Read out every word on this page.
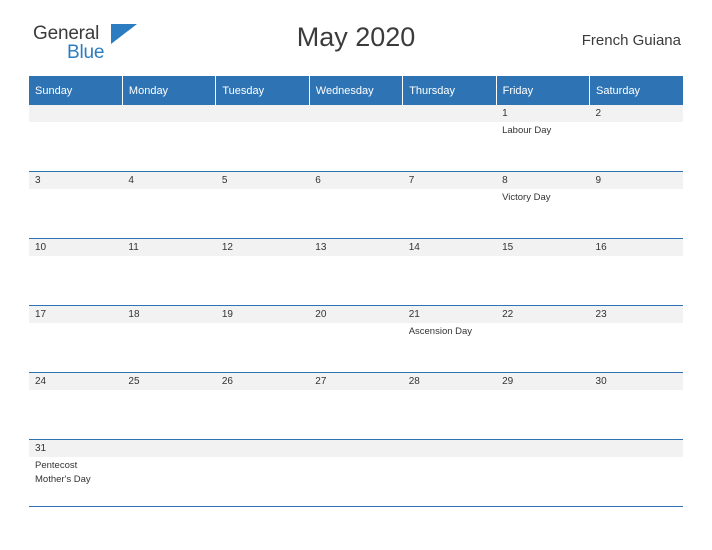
General
Blue
May 2020	French Guiana
Sunday	Monday	Tuesday	Wednesday	Thursday	Friday	Saturday

					1	2

					Labour Day	

3	4	5	6	7	8	9

					Victory Day	

10	11	12	13	14	15	16

17	18	19	20	21	22	23

				Ascension Day		

24	25	26	27	28	29	30

31						

Pentecost
Mother's Day						
